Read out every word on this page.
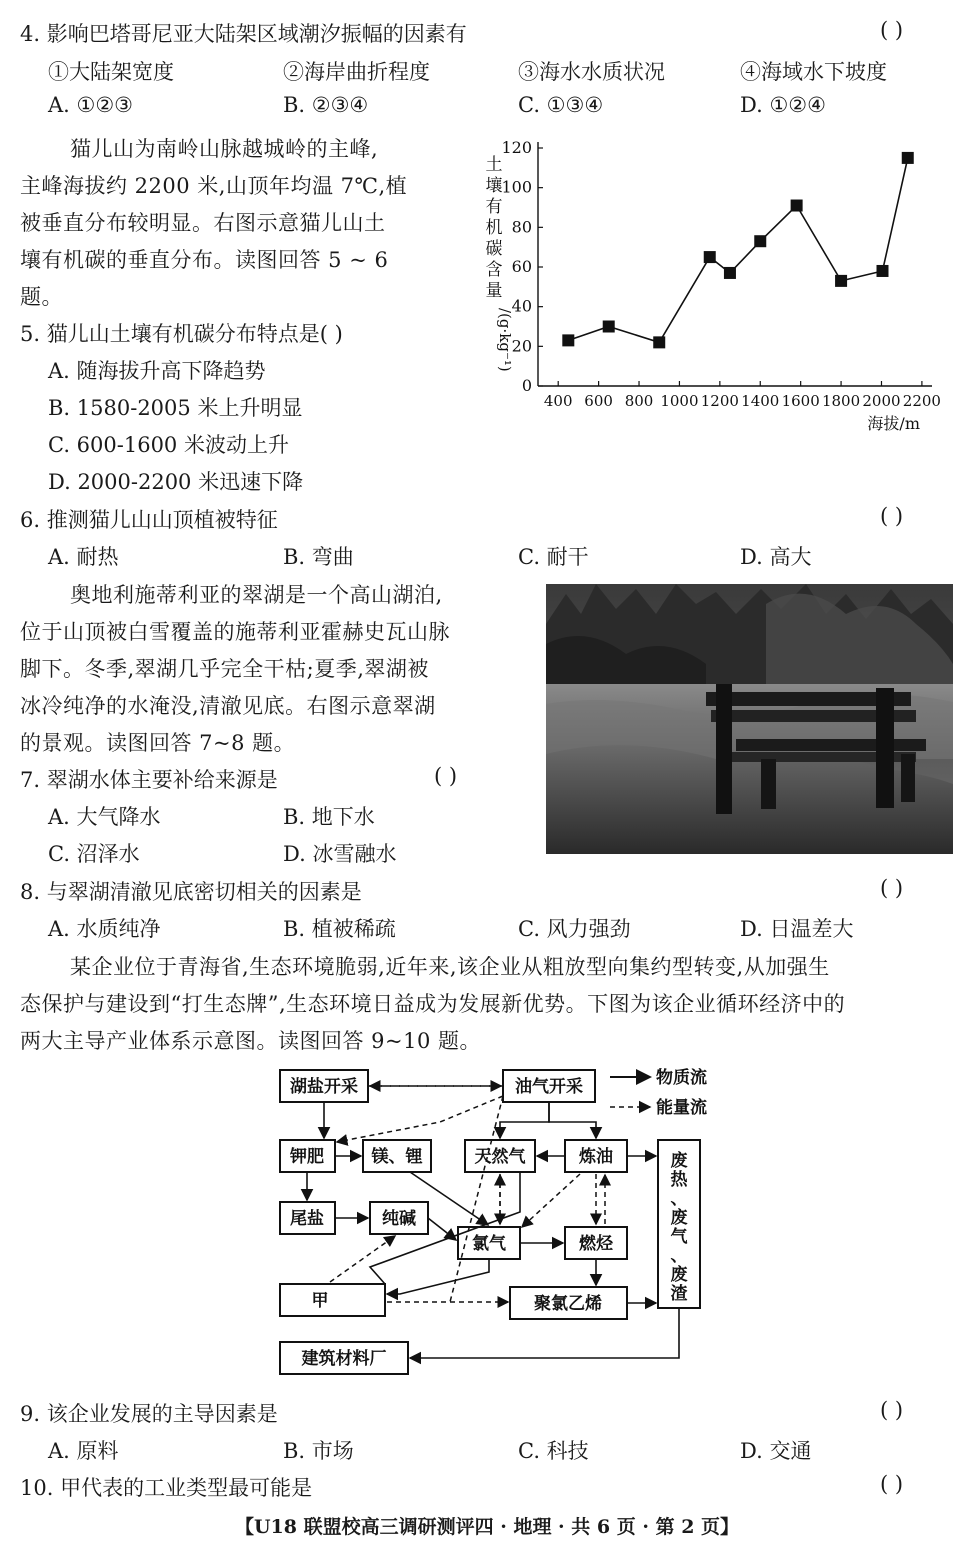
4. 影响巴塔哥尼亚大陆架区域潮汐振幅的因素有	( )
①大陆架宽度	②海岸曲折程度	③海水水质状况	④海域水下坡度
A. ①②③	B. ②③④	C. ①③④	D. ①②④
猫儿山为南岭山脉越城岭的主峰,
主峰海拔约 2200 米,山顶年均温 7℃,植
被垂直分布较明显。右图示意猫儿山土
壤有机碳的垂直分布。读图回答 5 ~ 6
题。
0
20
40
60
80
100
120
400 600 800 1000 1200 1400 1600 1800 2000 2200
土壤有机碳含量
/(g·kg⁻¹)
海拔/m
5. 猫儿山土壤有机碳分布特点是( )
A. 随海拔升高下降趋势
B. 1580-2005 米上升明显
C. 600-1600 米波动上升
D. 2000-2200 米迅速下降
6. 推测猫儿山山顶植被特征	( )
A. 耐热	B. 弯曲	C. 耐干	D. 高大
奥地利施蒂利亚的翠湖是一个高山湖泊,
位于山顶被白雪覆盖的施蒂利亚霍赫史瓦山脉
脚下。冬季,翠湖几乎完全干枯;夏季,翠湖被
冰冷纯净的水淹没,清澈见底。右图示意翠湖
的景观。读图回答 7~8 题。
7. 翠湖水体主要补给来源是	( )
A. 大气降水	B. 地下水
C. 沼泽水	D. 冰雪融水
8. 与翠湖清澈见底密切相关的因素是	( )
A. 水质纯净	B. 植被稀疏	C. 风力强劲	D. 日温差大
某企业位于青海省,生态环境脆弱,近年来,该企业从粗放型向集约型转变,从加强生
态保护与建设到“打生态牌”,生态环境日益成为发展新优势。下图为该企业循环经济中的
两大主导产业体系示意图。读图回答 9~10 题。
湖盐开采	油气开采
钾肥	镁、锂	天然气	炼油
尾盐	纯碱
氯气	燃烃
甲	聚氯乙烯
建筑材料厂
废热、废气、废渣
物质流
能量流
9. 该企业发展的主导因素是	( )
A. 原料	B. 市场	C. 科技	D. 交通
10. 甲代表的工业类型最可能是	( )
【U18 联盟校高三调研测评四 · 地理 · 共 6 页 · 第 2 页】
